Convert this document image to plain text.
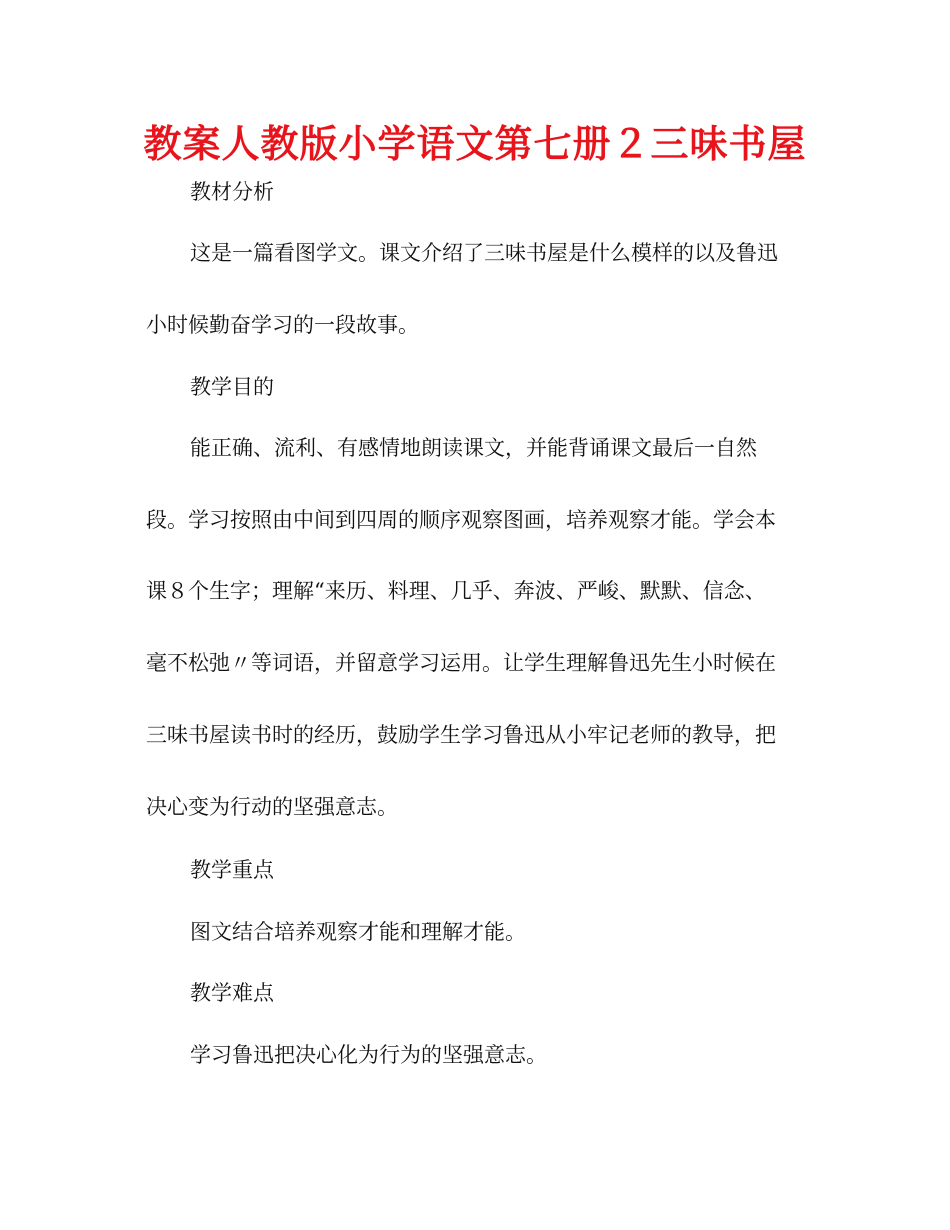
教案人教版小学语文第七册２三味书屋

教材分析

这是一篇看图学文。课文介绍了三味书屋是什么模样的以及鲁迅

小时候勤奋学习的一段故事。

教学目的

能正确、流利、有感情地朗读课文，并能背诵课文最后一自然

段。学习按照由中间到四周的顺序观察图画，培养观察才能。学会本

课８个生字；理解“来历、料理、几乎、奔波、严峻、默默、信念、

毫不松弛〃等词语，并留意学习运用。让学生理解鲁迅先生小时候在

三味书屋读书时的经历，鼓励学生学习鲁迅从小牢记老师的教导，把

决心变为行动的坚强意志。

教学重点

图文结合培养观察才能和理解才能。

教学难点

学习鲁迅把决心化为行为的坚强意志。
